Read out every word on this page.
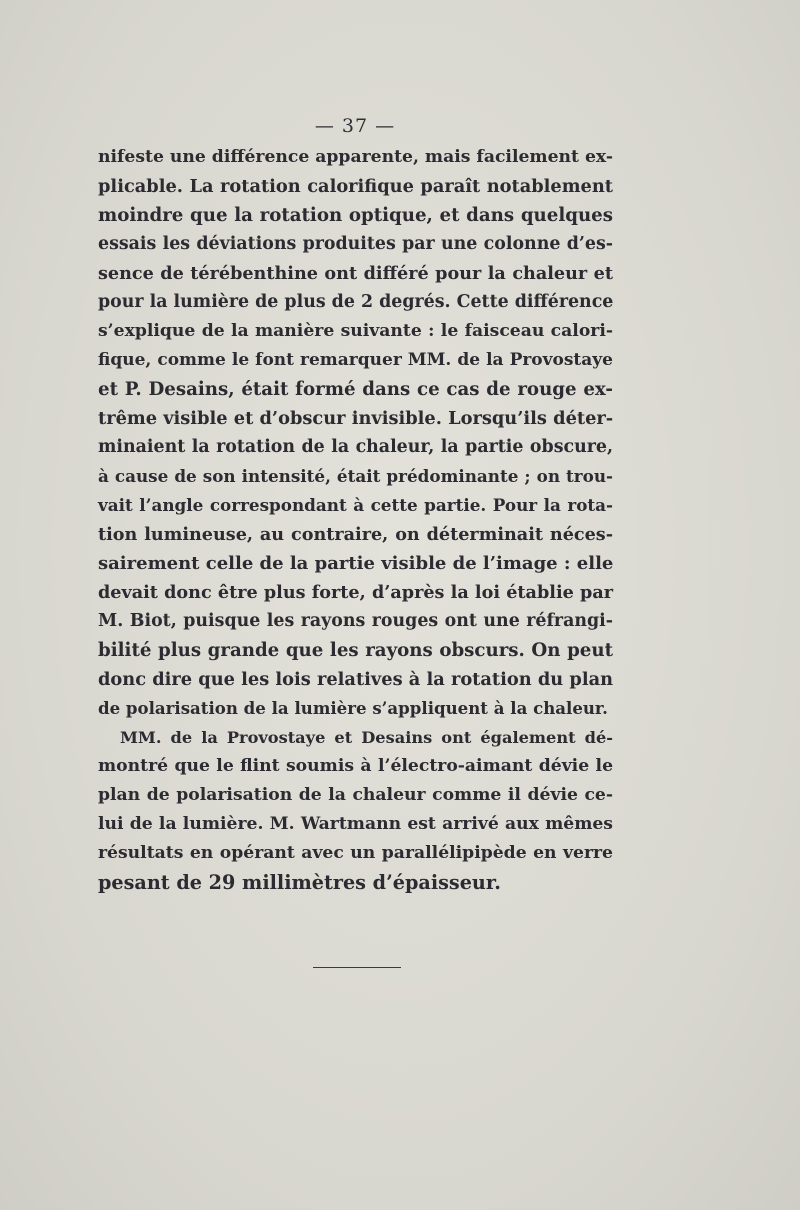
— 37 —
nifeste une différence apparente, mais facilement ex-
plicable. La rotation calorifique paraît notablement
moindre que la rotation optique, et dans quelques
essais les déviations produites par une colonne d’es-
sence de térébenthine ont différé pour la chaleur et
pour la lumière de plus de 2 degrés. Cette différence
s’explique de la manière suivante : le faisceau calori-
fique, comme le font remarquer MM. de la Provostaye
et P. Desains, était formé dans ce cas de rouge ex-
trême visible et d’obscur invisible. Lorsqu’ils déter-
minaient la rotation de la chaleur, la partie obscure,
à cause de son intensité, était prédominante ; on trou-
vait l’angle correspondant à cette partie. Pour la rota-
tion lumineuse, au contraire, on déterminait néces-
sairement celle de la partie visible de l’image : elle
devait donc être plus forte, d’après la loi établie par
M. Biot, puisque les rayons rouges ont une réfrangi-
bilité plus grande que les rayons obscurs. On peut
donc dire que les lois relatives à la rotation du plan
de polarisation de la lumière s’appliquent à la chaleur.
MM. de la Provostaye et Desains ont également dé-
montré que le flint soumis à l’électro-aimant dévie le
plan de polarisation de la chaleur comme il dévie ce-
lui de la lumière. M. Wartmann est arrivé aux mêmes
résultats en opérant avec un parallélipipède en verre
pesant de 29 millimètres d’épaisseur.
